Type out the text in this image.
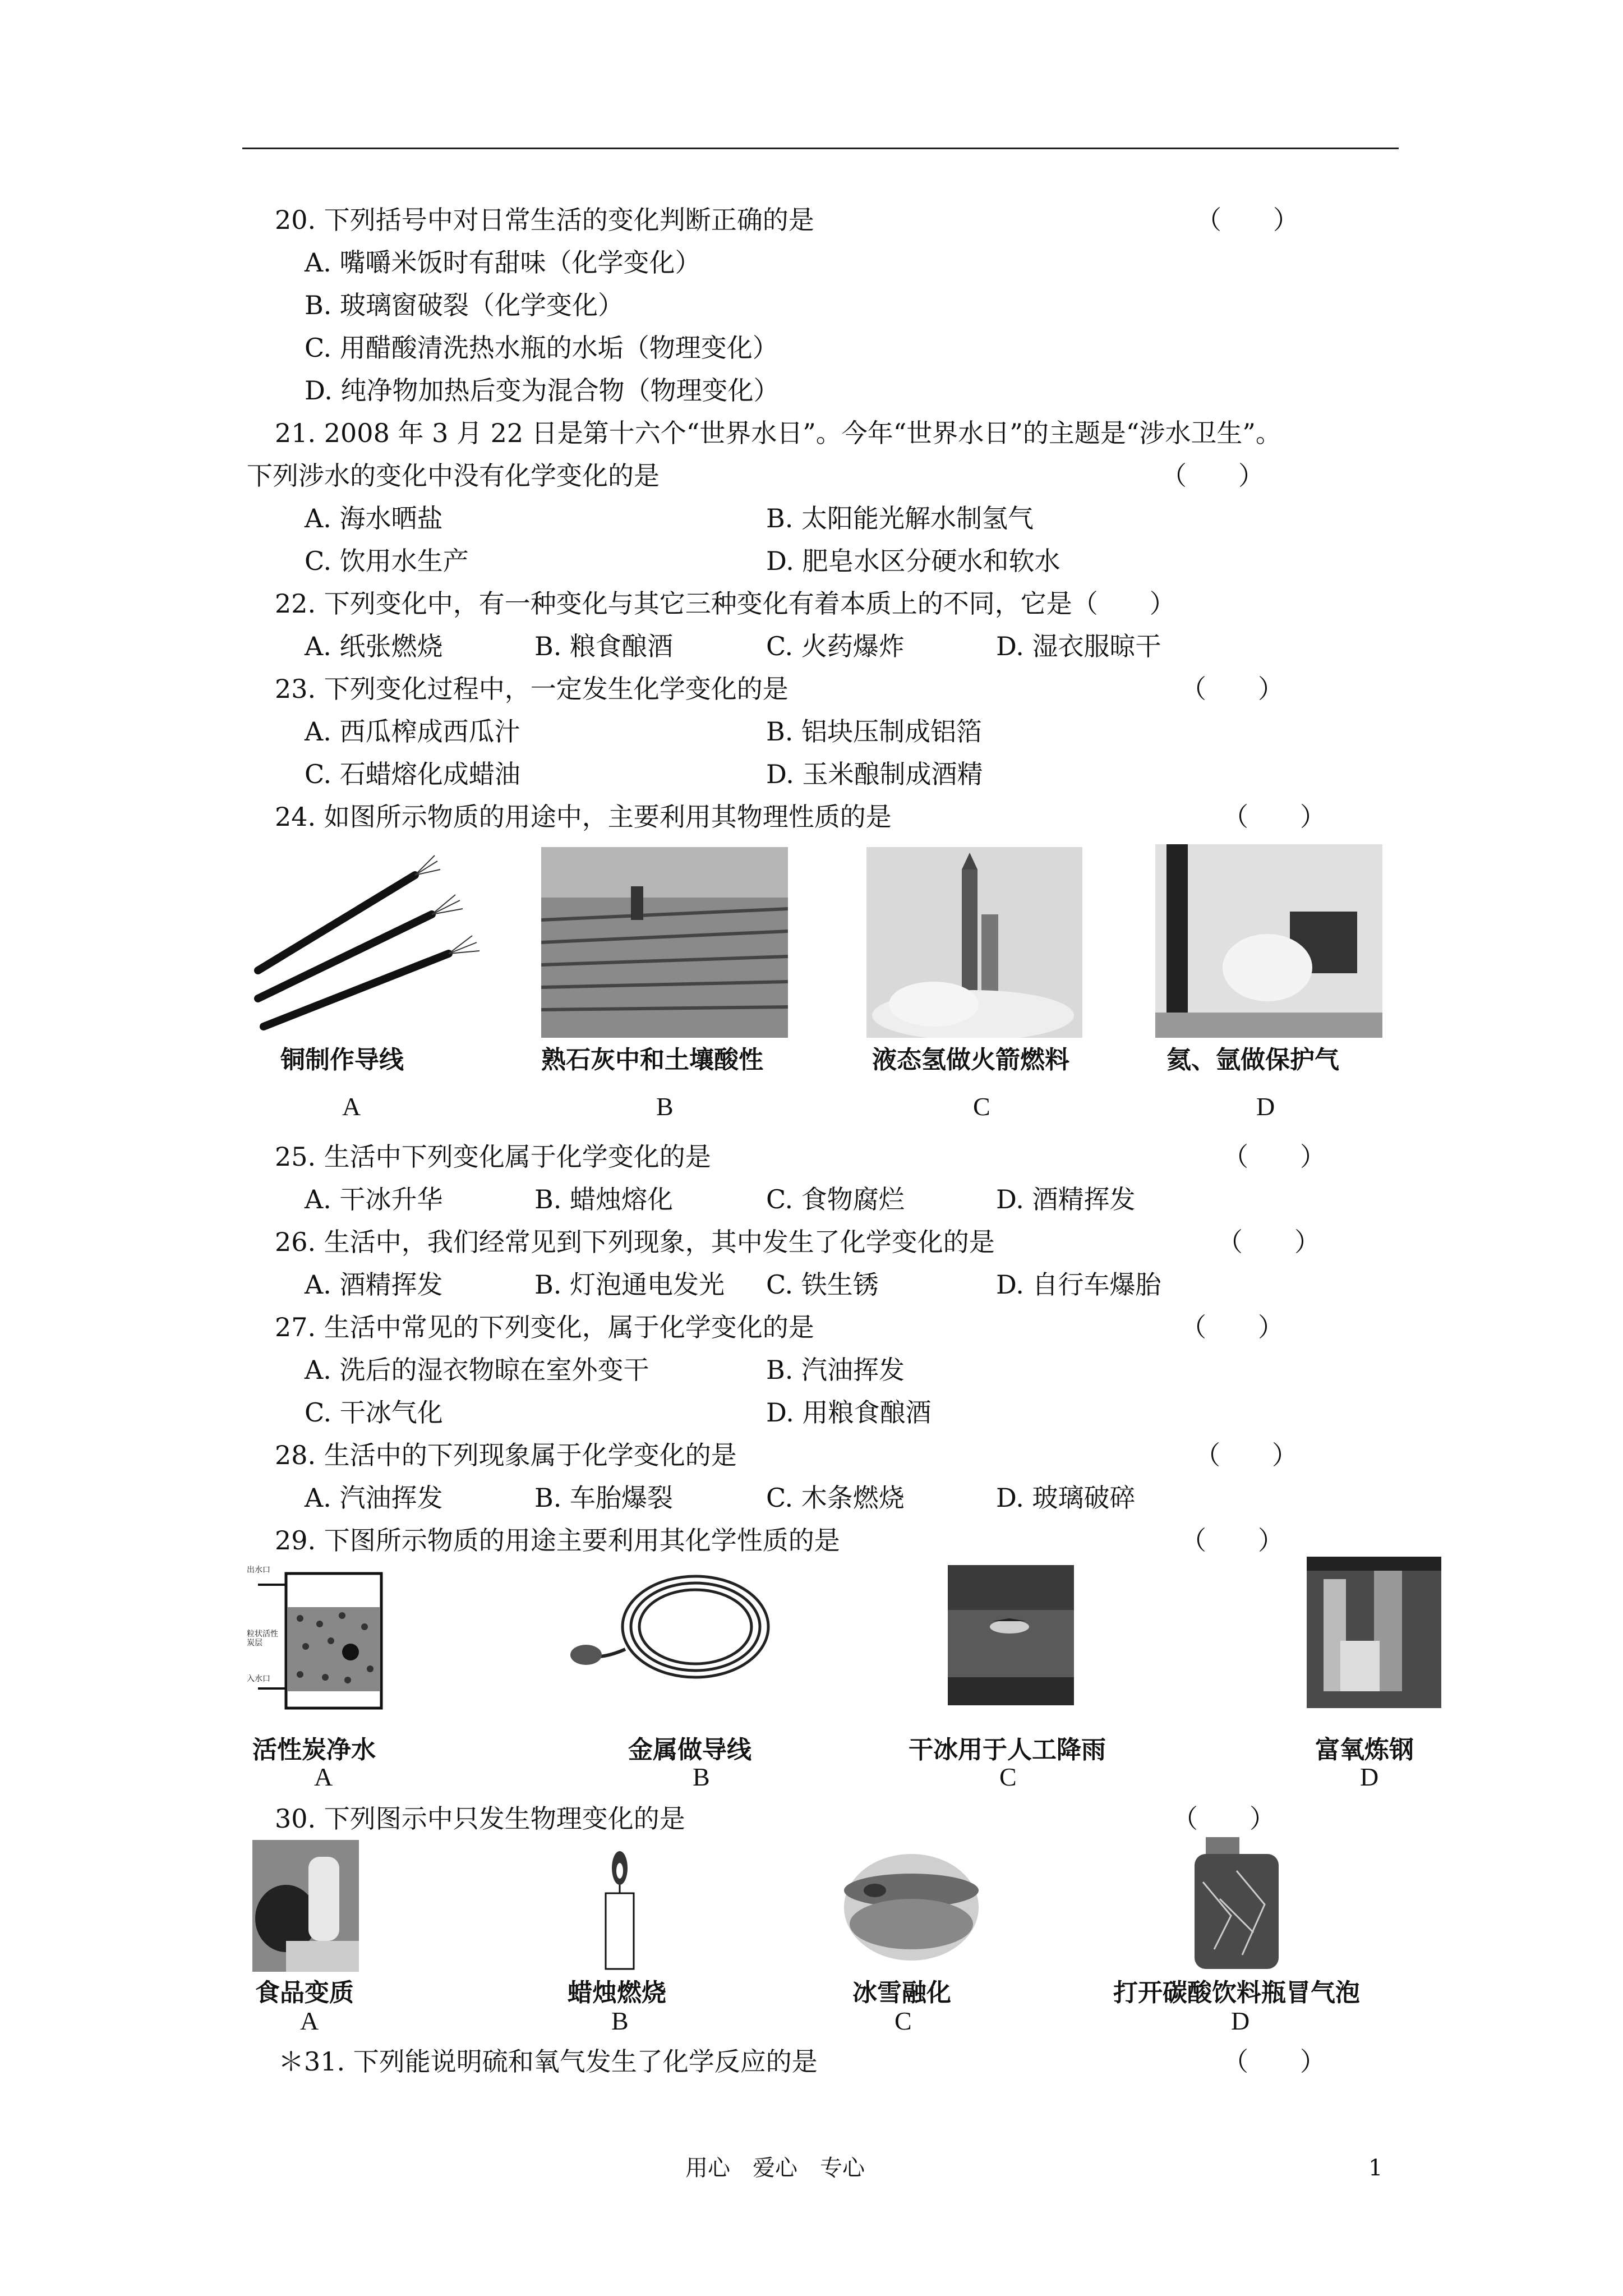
20. 下列括号中对日常生活的变化判断正确的是	（　　）
A. 嘴嚼米饭时有甜味（化学变化）
B. 玻璃窗破裂（化学变化）
C. 用醋酸清洗热水瓶的水垢（物理变化）
D. 纯净物加热后变为混合物（物理变化）
21. 2008 年 3 月 22 日是第十六个“世界水日”。今年“世界水日”的主题是“涉水卫生”。
下列涉水的变化中没有化学变化的是	（　　）
A. 海水晒盐	B. 太阳能光解水制氢气
C. 饮用水生产	D. 肥皂水区分硬水和软水
22. 下列变化中，有一种变化与其它三种变化有着本质上的不同，它是（　　）
A. 纸张燃烧	B. 粮食酿酒	C. 火药爆炸	D. 湿衣服晾干
23. 下列变化过程中，一定发生化学变化的是	（　　）
A. 西瓜榨成西瓜汁	B. 铝块压制成铝箔
C. 石蜡熔化成蜡油	D. 玉米酿制成酒精
24. 如图所示物质的用途中，主要利用其物理性质的是	（　　）
铜制作导线	熟石灰中和土壤酸性	液态氢做火箭燃料	氦、氩做保护气
A	B	C	D
25. 生活中下列变化属于化学变化的是	（　　）
A. 干冰升华	B. 蜡烛熔化	C. 食物腐烂	D. 酒精挥发
26. 生活中，我们经常见到下列现象，其中发生了化学变化的是	（　　）
A. 酒精挥发	B. 灯泡通电发光 C. 铁生锈	D. 自行车爆胎
27. 生活中常见的下列变化，属于化学变化的是	（　　）
A. 洗后的湿衣物晾在室外变干	B. 汽油挥发
C. 干冰气化	D. 用粮食酿酒
28. 生活中的下列现象属于化学变化的是	（　　）
A. 汽油挥发	B. 车胎爆裂	C. 木条燃烧	D. 玻璃破碎
29. 下图所示物质的用途主要利用其化学性质的是	（　　）
出水口
粒状活性炭层
入水口
活性炭净水	金属做导线	干冰用于人工降雨	富氧炼钢
A	B	C	D
30. 下列图示中只发生物理变化的是	（　　）
食品变质	蜡烛燃烧	冰雪融化	打开碳酸饮料瓶冒气泡
A	B	C	D
＊31. 下列能说明硫和氧气发生了化学反应的是	（　　）
用心　爱心　专心	1
